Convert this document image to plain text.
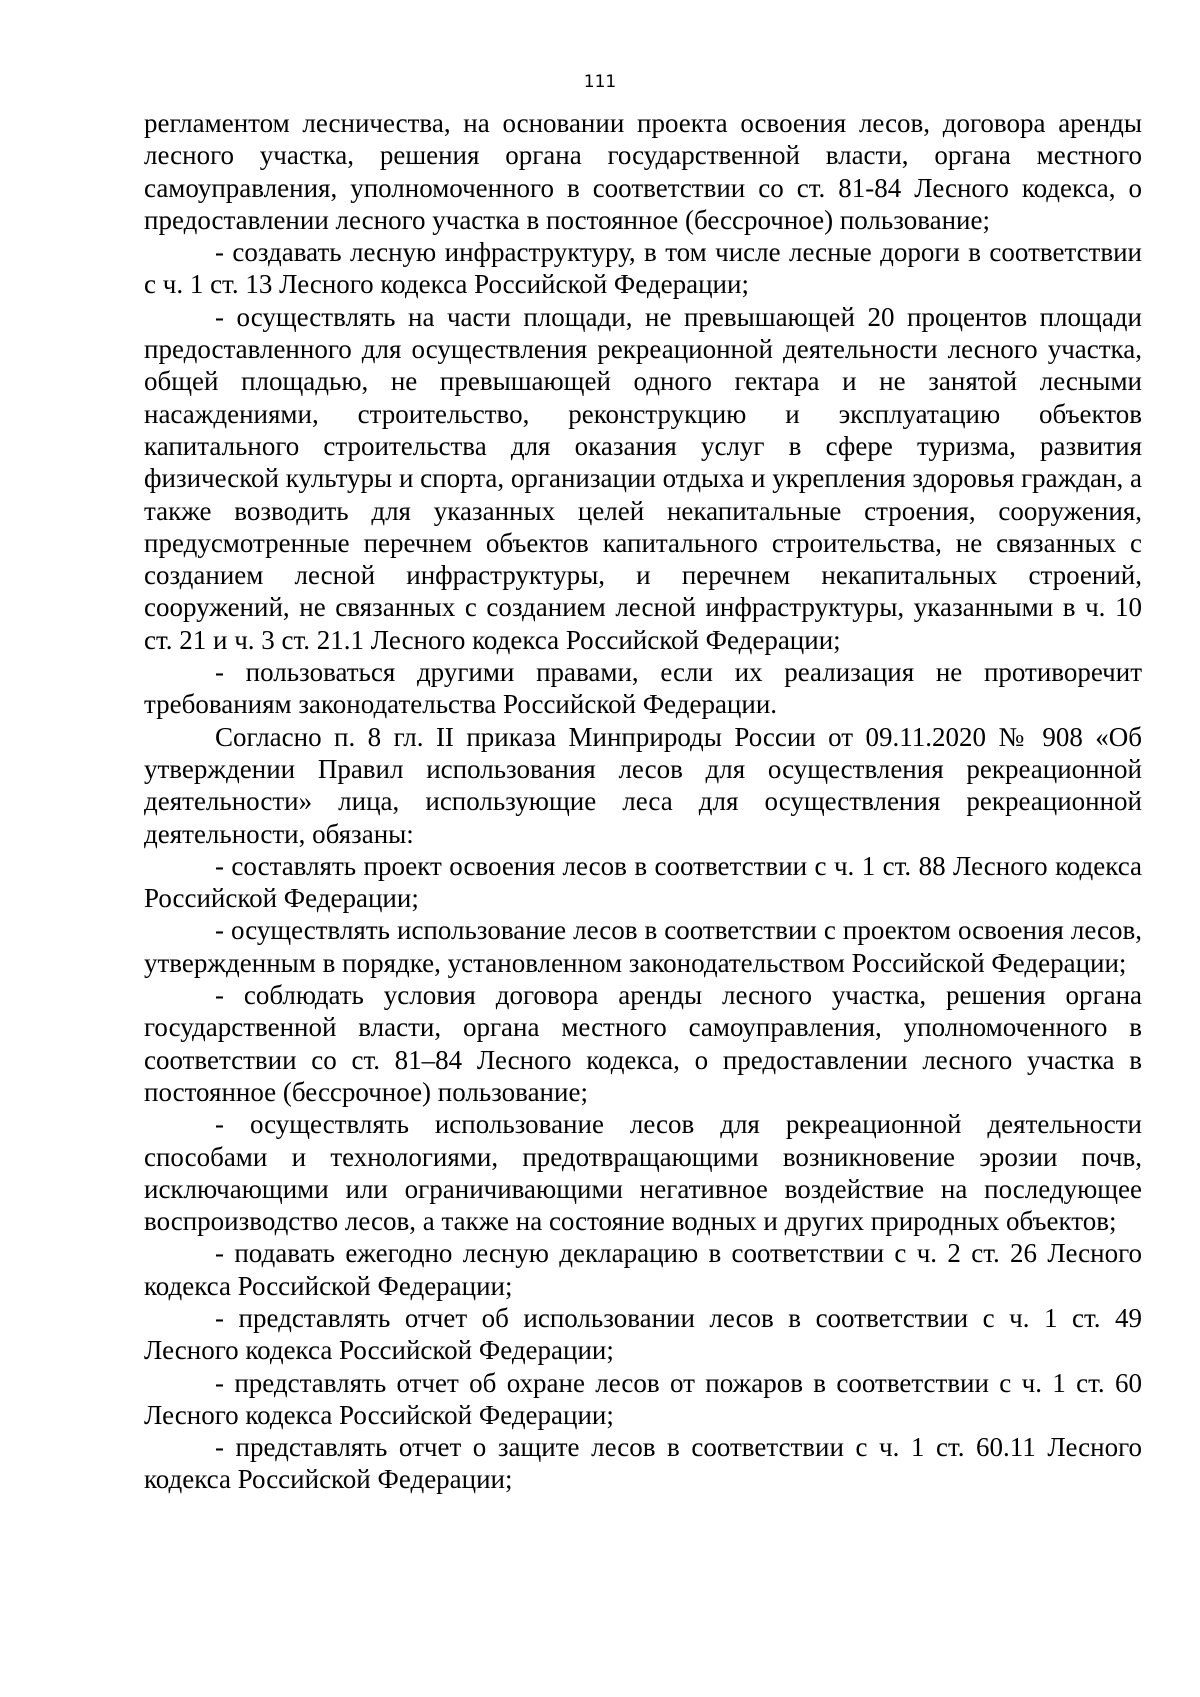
111

регламентом лесничества, на основании проекта освоения лесов, договора аренды лесного участка, решения органа государственной власти, органа местного самоуправления, уполномоченного в соответствии со ст. 81-84 Лесного кодекса, о предоставлении лесного участка в постоянное (бессрочное) пользование;

- создавать лесную инфраструктуру, в том числе лесные дороги в соответствии с ч. 1 ст. 13 Лесного кодекса Российской Федерации;

- осуществлять на части площади, не превышающей 20 процентов площади предоставленного для осуществления рекреационной деятельности лесного участка, общей площадью, не превышающей одного гектара и не занятой лесными насаждениями, строительство, реконструкцию и эксплуатацию объектов капитального строительства для оказания услуг в сфере туризма, развития физической культуры и спорта, организации отдыха и укрепления здоровья граждан, а также возводить для указанных целей некапитальные строения, сооружения, предусмотренные перечнем объектов капитального строительства, не связанных с созданием лесной инфраструктуры, и перечнем некапитальных строений, сооружений, не связанных с созданием лесной инфраструктуры, указанными в ч. 10 ст. 21 и ч. 3 ст. 21.1 Лесного кодекса Российской Федерации;

- пользоваться другими правами, если их реализация не противоречит требованиям законодательства Российской Федерации.

Согласно п. 8 гл. II приказа Минприроды России от 09.11.2020 № 908 «Об утверждении Правил использования лесов для осуществления рекреационной деятельности» лица, использующие леса для осуществления рекреационной деятельности, обязаны:

- составлять проект освоения лесов в соответствии с ч. 1 ст. 88 Лесного кодекса Российской Федерации;

- осуществлять использование лесов в соответствии с проектом освоения лесов, утвержденным в порядке, установленном законодательством Российской Федерации;

- соблюдать условия договора аренды лесного участка, решения органа государственной власти, органа местного самоуправления, уполномоченного в соответствии со ст. 81–84 Лесного кодекса, о предоставлении лесного участка в постоянное (бессрочное) пользование;

- осуществлять использование лесов для рекреационной деятельности способами и технологиями, предотвращающими возникновение эрозии почв, исключающими или ограничивающими негативное воздействие на последующее воспроизводство лесов, а также на состояние водных и других природных объектов;

- подавать ежегодно лесную декларацию в соответствии с ч. 2 ст. 26 Лесного кодекса Российской Федерации;

- представлять отчет об использовании лесов в соответствии с ч. 1 ст. 49 Лесного кодекса Российской Федерации;

- представлять отчет об охране лесов от пожаров в соответствии с ч. 1 ст. 60 Лесного кодекса Российской Федерации;

- представлять отчет о защите лесов в соответствии с ч. 1 ст. 60.11 Лесного кодекса Российской Федерации;
